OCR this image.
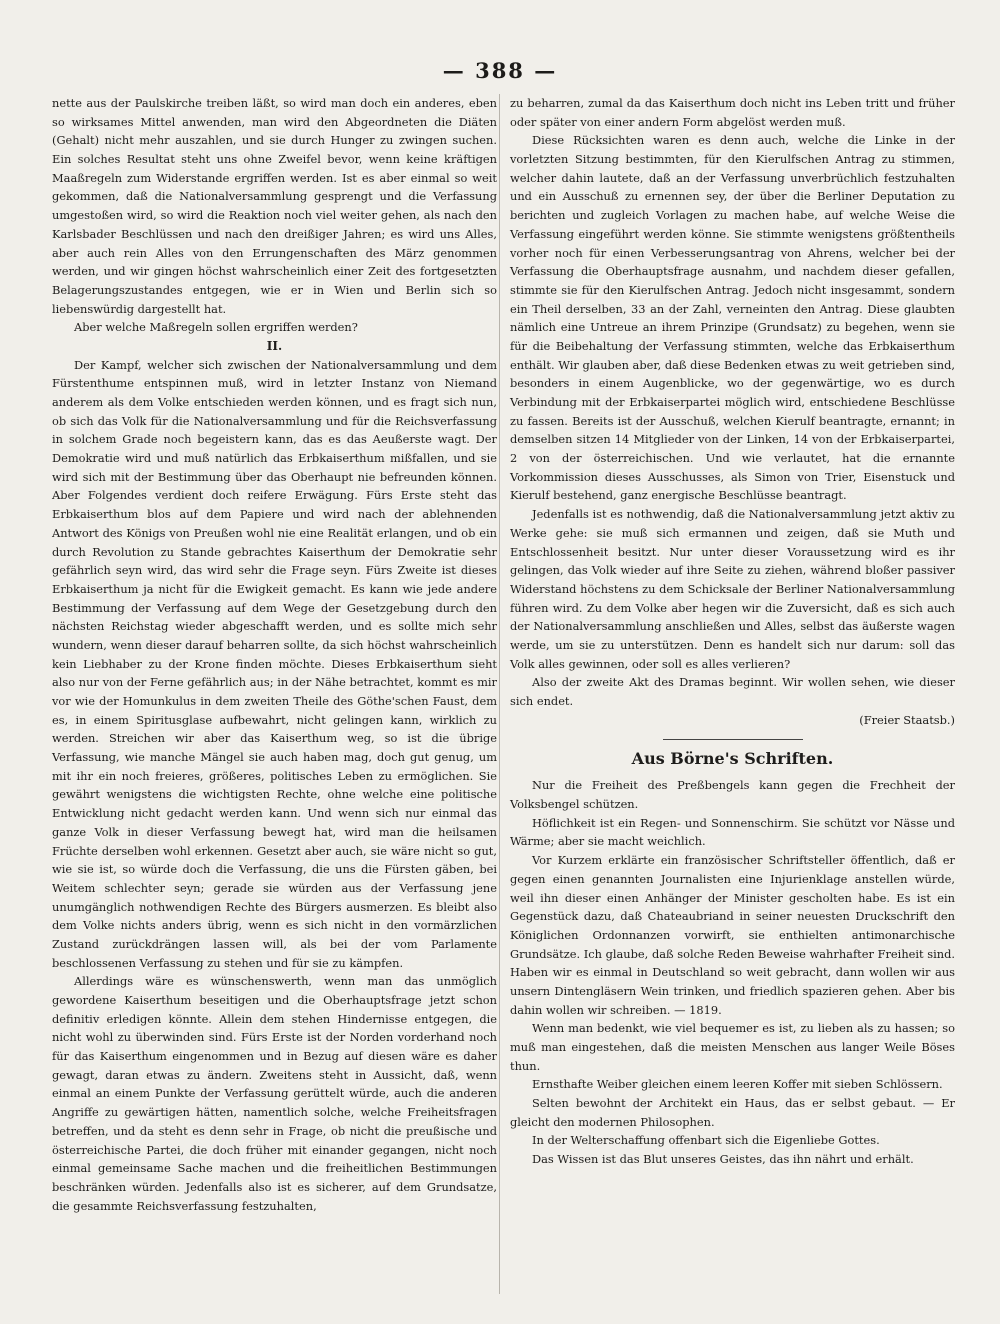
— 388 —

nette aus der Paulskirche treiben läßt, so wird man doch ein anderes, eben so wirksames Mittel anwenden, man wird den Abgeordneten die Diäten (Gehalt) nicht mehr auszahlen, und sie durch Hunger zu zwingen suchen. Ein solches Resultat steht uns ohne Zweifel bevor, wenn keine kräftigen Maaßregeln zum Widerstande ergriffen werden. Ist es aber einmal so weit gekommen, daß die Nationalversammlung gesprengt und die Verfassung umgestoßen wird, so wird die Reaktion noch viel weiter gehen, als nach den Karlsbader Beschlüssen und nach den dreißiger Jahren; es wird uns Alles, aber auch rein Alles von den Errungenschaften des März genommen werden, und wir gingen höchst wahrscheinlich einer Zeit des fortgesetzten Belagerungszustandes entgegen, wie er in Wien und Berlin sich so liebenswürdig dargestellt hat.

Aber welche Maßregeln sollen ergriffen werden?

II.

Der Kampf, welcher sich zwischen der Nationalversammlung und dem Fürstenthume entspinnen muß, wird in letzter Instanz von Niemand anderem als dem Volke entschieden werden können, und es fragt sich nun, ob sich das Volk für die Nationalversammlung und für die Reichsverfassung in solchem Grade noch begeistern kann, das es das Aeußerste wagt. Der Demokratie wird und muß natürlich das Erbkaiserthum mißfallen, und sie wird sich mit der Bestimmung über das Oberhaupt nie befreunden können. Aber Folgendes verdient doch reifere Erwägung. Fürs Erste steht das Erbkaiserthum blos auf dem Papiere und wird nach der ablehnenden Antwort des Königs von Preußen wohl nie eine Realität erlangen, und ob ein durch Revolution zu Stande gebrachtes Kaiserthum der Demokratie sehr gefährlich seyn wird, das wird sehr die Frage seyn. Fürs Zweite ist dieses Erbkaiserthum ja nicht für die Ewigkeit gemacht. Es kann wie jede andere Bestimmung der Verfassung auf dem Wege der Gesetzgebung durch den nächsten Reichstag wieder abgeschafft werden, und es sollte mich sehr wundern, wenn dieser darauf beharren sollte, da sich höchst wahrscheinlich kein Liebhaber zu der Krone finden möchte. Dieses Erbkaiserthum sieht also nur von der Ferne gefährlich aus; in der Nähe betrachtet, kommt es mir vor wie der Homunkulus in dem zweiten Theile des Göthe'schen Faust, dem es, in einem Spiritusglase aufbewahrt, nicht gelingen kann, wirklich zu werden. Streichen wir aber das Kaiserthum weg, so ist die übrige Verfassung, wie manche Mängel sie auch haben mag, doch gut genug, um mit ihr ein noch freieres, größeres, politisches Leben zu ermöglichen. Sie gewährt wenigstens die wichtigsten Rechte, ohne welche eine politische Entwicklung nicht gedacht werden kann. Und wenn sich nur einmal das ganze Volk in dieser Verfassung bewegt hat, wird man die heilsamen Früchte derselben wohl erkennen. Gesetzt aber auch, sie wäre nicht so gut, wie sie ist, so würde doch die Verfassung, die uns die Fürsten gäben, bei Weitem schlechter seyn; gerade sie würden aus der Verfassung jene unumgänglich nothwendigen Rechte des Bürgers ausmerzen. Es bleibt also dem Volke nichts anders übrig, wenn es sich nicht in den vormärzlichen Zustand zurückdrängen lassen will, als bei der vom Parlamente beschlossenen Verfassung zu stehen und für sie zu kämpfen.

Allerdings wäre es wünschenswerth, wenn man das unmöglich gewordene Kaiserthum beseitigen und die Oberhauptsfrage jetzt schon definitiv erledigen könnte. Allein dem stehen Hindernisse entgegen, die nicht wohl zu überwinden sind. Fürs Erste ist der Norden vorderhand noch für das Kaiserthum eingenommen und in Bezug auf diesen wäre es daher gewagt, daran etwas zu ändern. Zweitens steht in Aussicht, daß, wenn einmal an einem Punkte der Verfassung gerüttelt würde, auch die anderen Angriffe zu gewärtigen hätten, namentlich solche, welche Freiheitsfragen betreffen, und da steht es denn sehr in Frage, ob nicht die preußische und österreichische Partei, die doch früher mit einander gegangen, nicht noch einmal gemeinsame Sache machen und die freiheitlichen Bestimmungen beschränken würden. Jedenfalls also ist es sicherer, auf dem Grundsatze, die gesammte Reichsverfassung festzuhalten,

zu beharren, zumal da das Kaiserthum doch nicht ins Leben tritt und früher oder später von einer andern Form abgelöst werden muß.

Diese Rücksichten waren es denn auch, welche die Linke in der vorletzten Sitzung bestimmten, für den Kierulfschen Antrag zu stimmen, welcher dahin lautete, daß an der Verfassung unverbrüchlich festzuhalten und ein Ausschuß zu ernennen sey, der über die Berliner Deputation zu berichten und zugleich Vorlagen zu machen habe, auf welche Weise die Verfassung eingeführt werden könne. Sie stimmte wenigstens größtentheils vorher noch für einen Verbesserungsantrag von Ahrens, welcher bei der Verfassung die Oberhauptsfrage ausnahm, und nachdem dieser gefallen, stimmte sie für den Kierulfschen Antrag. Jedoch nicht insgesammt, sondern ein Theil derselben, 33 an der Zahl, verneinten den Antrag. Diese glaubten nämlich eine Untreue an ihrem Prinzipe (Grundsatz) zu begehen, wenn sie für die Beibehaltung der Verfassung stimmten, welche das Erbkaiserthum enthält. Wir glauben aber, daß diese Bedenken etwas zu weit getrieben sind, besonders in einem Augenblicke, wo der gegenwärtige, wo es durch Verbindung mit der Erbkaiserpartei möglich wird, entschiedene Beschlüsse zu fassen. Bereits ist der Ausschuß, welchen Kierulf beantragte, ernannt; in demselben sitzen 14 Mitglieder von der Linken, 14 von der Erbkaiserpartei, 2 von der österreichischen. Und wie verlautet, hat die ernannte Vorkommission dieses Ausschusses, als Simon von Trier, Eisenstuck und Kierulf bestehend, ganz energische Beschlüsse beantragt.

Jedenfalls ist es nothwendig, daß die Nationalversammlung jetzt aktiv zu Werke gehe: sie muß sich ermannen und zeigen, daß sie Muth und Entschlossenheit besitzt. Nur unter dieser Voraussetzung wird es ihr gelingen, das Volk wieder auf ihre Seite zu ziehen, während bloßer passiver Widerstand höchstens zu dem Schicksale der Berliner Nationalversammlung führen wird. Zu dem Volke aber hegen wir die Zuversicht, daß es sich auch der Nationalversammlung anschließen und Alles, selbst das äußerste wagen werde, um sie zu unterstützen. Denn es handelt sich nur darum: soll das Volk alles gewinnen, oder soll es alles verlieren?

Also der zweite Akt des Dramas beginnt. Wir wollen sehen, wie dieser sich endet.

(Freier Staatsb.)
Aus Börne's Schriften.

Nur die Freiheit des Preßbengels kann gegen die Frechheit der Volksbengel schützen.

Höflichkeit ist ein Regen- und Sonnenschirm. Sie schützt vor Nässe und Wärme; aber sie macht weichlich.

Vor Kurzem erklärte ein französischer Schriftsteller öffentlich, daß er gegen einen genannten Journalisten eine Injurienklage anstellen würde, weil ihn dieser einen Anhänger der Minister gescholten habe. Es ist ein Gegenstück dazu, daß Chateaubriand in seiner neuesten Druckschrift den Königlichen Ordonnanzen vorwirft, sie enthielten antimonarchische Grundsätze. Ich glaube, daß solche Reden Beweise wahrhafter Freiheit sind. Haben wir es einmal in Deutschland so weit gebracht, dann wollen wir aus unsern Dintengläsern Wein trinken, und friedlich spazieren gehen. Aber bis dahin wollen wir schreiben. — 1819.

Wenn man bedenkt, wie viel bequemer es ist, zu lieben als zu hassen; so muß man eingestehen, daß die meisten Menschen aus langer Weile Böses thun.

Ernsthafte Weiber gleichen einem leeren Koffer mit sieben Schlössern.

Selten bewohnt der Architekt ein Haus, das er selbst gebaut. — Er gleicht den modernen Philosophen.

In der Welterschaffung offenbart sich die Eigenliebe Gottes.

Das Wissen ist das Blut unseres Geistes, das ihn nährt und erhält.
